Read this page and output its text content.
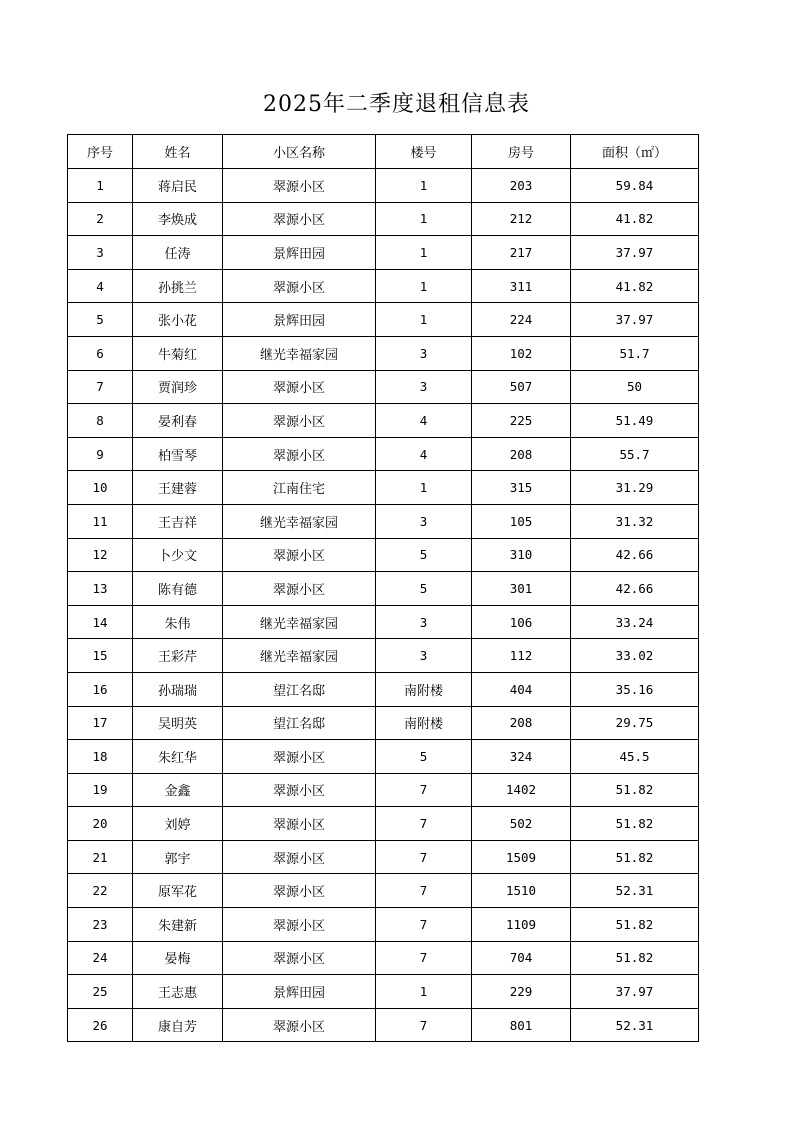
2025年二季度退租信息表
序号	姓名	小区名称	楼号	房号	面积（㎡）
1	蒋启民	翠源小区	1	203	59.84
2	李焕成	翠源小区	1	212	41.82
3	任涛	景辉田园	1	217	37.97
4	孙挑兰	翠源小区	1	311	41.82
5	张小花	景辉田园	1	224	37.97
6	牛菊红	继光幸福家园	3	102	51.7
7	贾润珍	翠源小区	3	507	50
8	晏利春	翠源小区	4	225	51.49
9	柏雪琴	翠源小区	4	208	55.7
10	王建蓉	江南住宅	1	315	31.29
11	王吉祥	继光幸福家园	3	105	31.32
12	卜少文	翠源小区	5	310	42.66
13	陈有德	翠源小区	5	301	42.66
14	朱伟	继光幸福家园	3	106	33.24
15	王彩芹	继光幸福家园	3	112	33.02
16	孙瑞瑞	望江名邸	南附楼	404	35.16
17	吴明英	望江名邸	南附楼	208	29.75
18	朱红华	翠源小区	5	324	45.5
19	金鑫	翠源小区	7	1402	51.82
20	刘婷	翠源小区	7	502	51.82
21	郭宇	翠源小区	7	1509	51.82
22	原军花	翠源小区	7	1510	52.31
23	朱建新	翠源小区	7	1109	51.82
24	晏梅	翠源小区	7	704	51.82
25	王志惠	景辉田园	1	229	37.97
26	康自芳	翠源小区	7	801	52.31
